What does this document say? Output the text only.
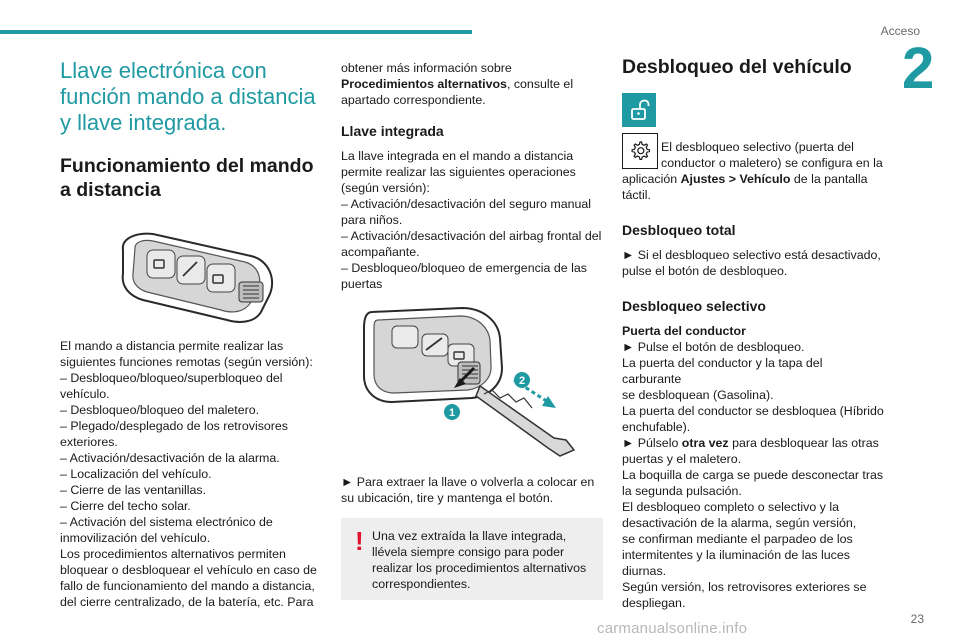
Acceso
2
Llave electrónica con función mando a distancia y llave integrada.
Funcionamiento del mando a distancia

El mando a distancia permite realizar las

siguientes funciones remotas (según versión):

– Desbloqueo/bloqueo/superbloqueo del

vehículo.

– Desbloqueo/bloqueo del maletero.

– Plegado/desplegado de los retrovisores

exteriores.

– Activación/desactivación de la alarma.

– Localización del vehículo.

– Cierre de las ventanillas.

– Cierre del techo solar.

– Activación del sistema electrónico de

inmovilización del vehículo.

Los procedimientos alternativos permiten

bloquear o desbloquear el vehículo en caso de

fallo de funcionamiento del mando a distancia,

del cierre centralizado, de la batería, etc. Para

obtener más información sobre Procedimientos alternativos, consulte el apartado correspondiente.

Llave integrada

La llave integrada en el mando a distancia

permite realizar las siguientes operaciones

(según versión):

– Activación/desactivación del seguro manual

para niños.

– Activación/desactivación del airbag frontal del

acompañante.

– Desbloqueo/bloqueo de emergencia de las

puertas

1
2

► Para extraer la llave o volverla a colocar en su ubicación, tire y mantenga el botón.

! Una vez extraída la llave integrada, llévela siempre consigo para poder realizar los procedimientos alternativos correspondientes.
Desbloqueo del vehículo

El desbloqueo selectivo (puerta del

conductor o maletero) se configura en la

aplicación Ajustes > Vehículo de la pantalla

táctil.

Desbloqueo total

► Si el desbloqueo selectivo está desactivado, pulse el botón de desbloqueo.

Desbloqueo selectivo

Puerta del conductor

► Pulse el botón de desbloqueo.

La puerta del conductor y la tapa del carburante

se desbloquean (Gasolina).

La puerta del conductor se desbloquea (Híbrido

enchufable).

► Púlselo otra vez para desbloquear las otras

puertas y el maletero.

La boquilla de carga se puede desconectar tras

la segunda pulsación.

El desbloqueo completo o selectivo y la

desactivación de la alarma, según versión,

se confirman mediante el parpadeo de los

intermitentes y la iluminación de las luces

diurnas.

Según versión, los retrovisores exteriores se

despliegan.

23
carmanualsonline.info
